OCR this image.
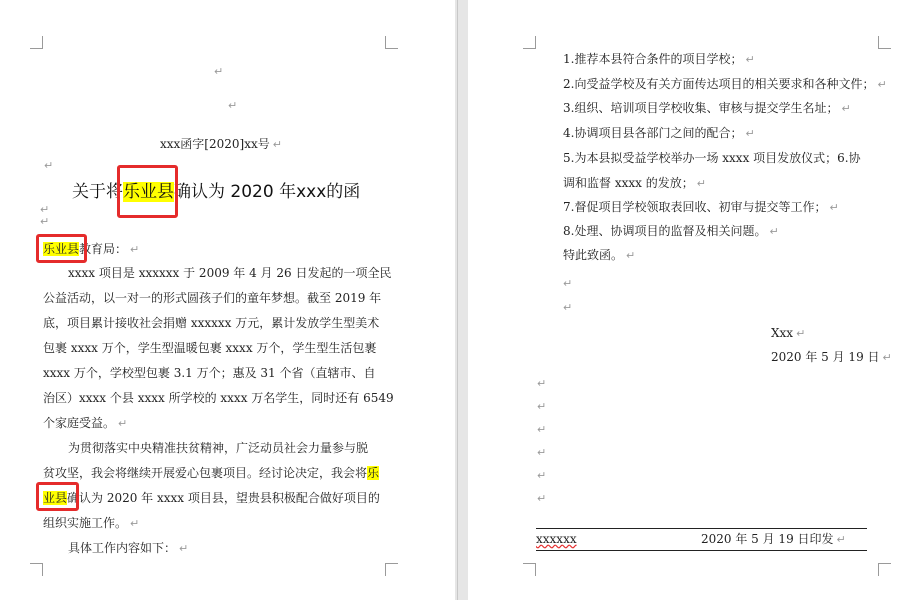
↵
↵
xxx函字[2020]xx号 ↵
↵
关于将乐业县确认为 2020 年xxx的函
↵
↵
乐业县教育局： ↵
xxxx 项目是 xxxxxx 于 2009 年 4 月 26 日发起的一项全民
公益活动，以一对一的形式圆孩子们的童年梦想。截至 2019 年
底，项目累计接收社会捐赠 xxxxxx 万元，累计发放学生型美术
包裹 xxxx 万个，学生型温暖包裹 xxxx 万个，学生型生活包裹
xxxx 万个，学校型包裹 3.1 万个；惠及 31 个省（直辖市、自
治区）xxxx 个县 xxxx 所学校的 xxxx 万名学生，同时还有 6549
个家庭受益。 ↵
为贯彻落实中央精准扶贫精神，广泛动员社会力量参与脱
贫攻坚，我会将继续开展爱心包裹项目。经讨论决定，我会将乐
业县确认为 2020 年 xxxx 项目县，望贵县积极配合做好项目的
组织实施工作。 ↵
具体工作内容如下： ↵
1.推荐本县符合条件的项目学校； ↵
2.向受益学校及有关方面传达项目的相关要求和各种文件； ↵
3.组织、培训项目学校收集、审核与提交学生名址； ↵
4.协调项目县各部门之间的配合； ↵
5.为本县拟受益学校举办一场 xxxx 项目发放仪式；6.协
调和监督 xxxx 的发放； ↵
7.督促项目学校领取表回收、初审与提交等工作； ↵
8.处理、协调项目的监督及相关问题。 ↵
特此致函。 ↵
↵
↵
Xxx ↵
2020 年 5 月 19 日 ↵
↵
↵
↵
↵
↵
↵
xxxxxx	2020 年 5 月 19 日印发 ↵
